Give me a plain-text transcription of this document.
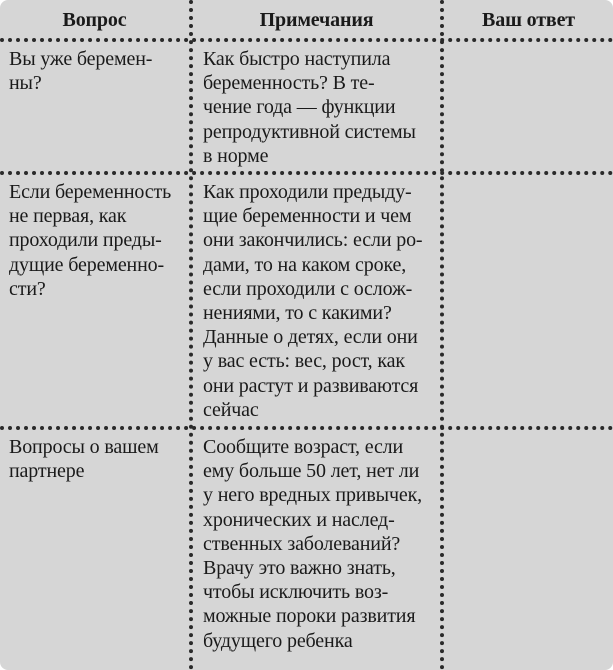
Вопрос	Примечания	Ваш ответ
Вы уже беремен-
ны?
Как быстро наступила
беременность? В те-
чение года — функции
репродуктивной системы
в норме
Если беременность
не первая, как
проходили преды-
дущие беременно-
сти?
Как проходили предыду-
щие беременности и чем
они закончились: если ро-
дами, то на каком сроке,
если проходили с ослож-
нениями, то с какими?
Данные о детях, если они
у вас есть: вес, рост, как
они растут и развиваются
сейчас
Вопросы о вашем
партнере
Сообщите возраст, если
ему больше 50 лет, нет ли
у него вредных привычек,
хронических и наслед-
ственных заболеваний?
Врачу это важно знать,
чтобы исключить воз-
можные пороки развития
будущего ребенка
